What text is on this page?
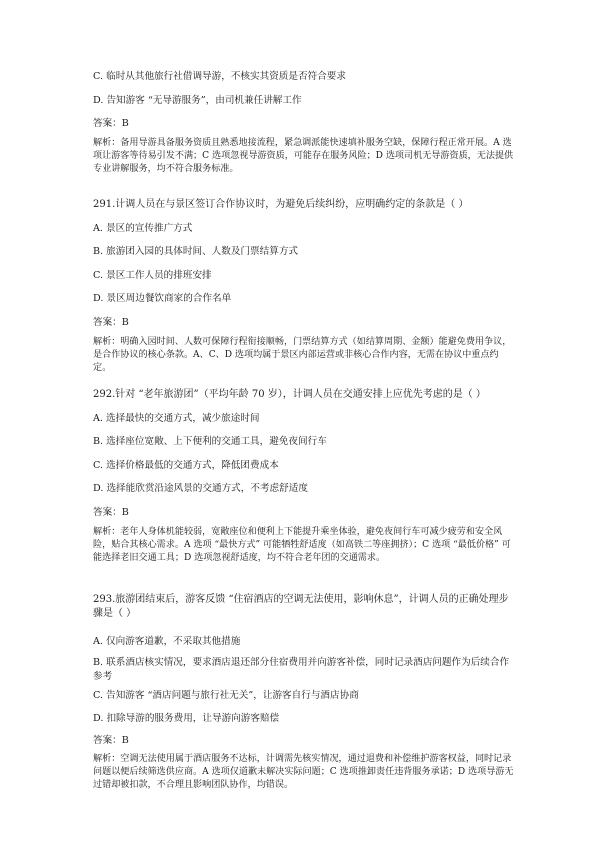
C. 临时从其他旅行社借调导游，不核实其资质是否符合要求

D. 告知游客 “无导游服务”，由司机兼任讲解工作

答案：B

解析：备用导游具备服务资质且熟悉地接流程，紧急调派能快速填补服务空缺，保障行程正常开展。A 选项让游客等待易引发不满；C 选项忽视导游资质，可能存在服务风险；D 选项司机无导游资质，无法提供专业讲解服务，均不符合服务标准。

291.计调人员在与景区签订合作协议时，为避免后续纠纷，应明确约定的条款是（ ）

A. 景区的宣传推广方式

B. 旅游团入园的具体时间、人数及门票结算方式

C. 景区工作人员的排班安排

D. 景区周边餐饮商家的合作名单

答案：B

解析：明确入园时间、人数可保障行程衔接顺畅，门票结算方式（如结算周期、金额）能避免费用争议，是合作协议的核心条款。A、C、D 选项均属于景区内部运营或非核心合作内容，无需在协议中重点约定。

292.针对 “老年旅游团”（平均年龄 70 岁），计调人员在交通安排上应优先考虑的是（ ）

A. 选择最快的交通方式，减少旅途时间

B. 选择座位宽敞、上下便利的交通工具，避免夜间行车

C. 选择价格最低的交通方式，降低团费成本

D. 选择能欣赏沿途风景的交通方式，不考虑舒适度

答案：B

解析：老年人身体机能较弱，宽敞座位和便利上下能提升乘坐体验，避免夜间行车可减少疲劳和安全风险，贴合其核心需求。A 选项 “最快方式” 可能牺牲舒适度（如高铁二等座拥挤）；C 选项 “最低价格” 可能选择老旧交通工具；D 选项忽视舒适度，均不符合老年团的交通需求。

293.旅游团结束后，游客反馈 “住宿酒店的空调无法使用，影响休息”，计调人员的正确处理步骤是（ ）

A. 仅向游客道歉，不采取其他措施

B. 联系酒店核实情况，要求酒店退还部分住宿费用并向游客补偿，同时记录酒店问题作为后续合作参考

C. 告知游客 “酒店问题与旅行社无关”，让游客自行与酒店协商

D. 扣除导游的服务费用，让导游向游客赔偿

答案：B

解析：空调无法使用属于酒店服务不达标，计调需先核实情况，通过退费和补偿维护游客权益，同时记录问题以便后续筛选供应商。A 选项仅道歉未解决实际问题；C 选项推卸责任违背服务承诺；D 选项导游无过错却被扣款，不合理且影响团队协作，均错误。
